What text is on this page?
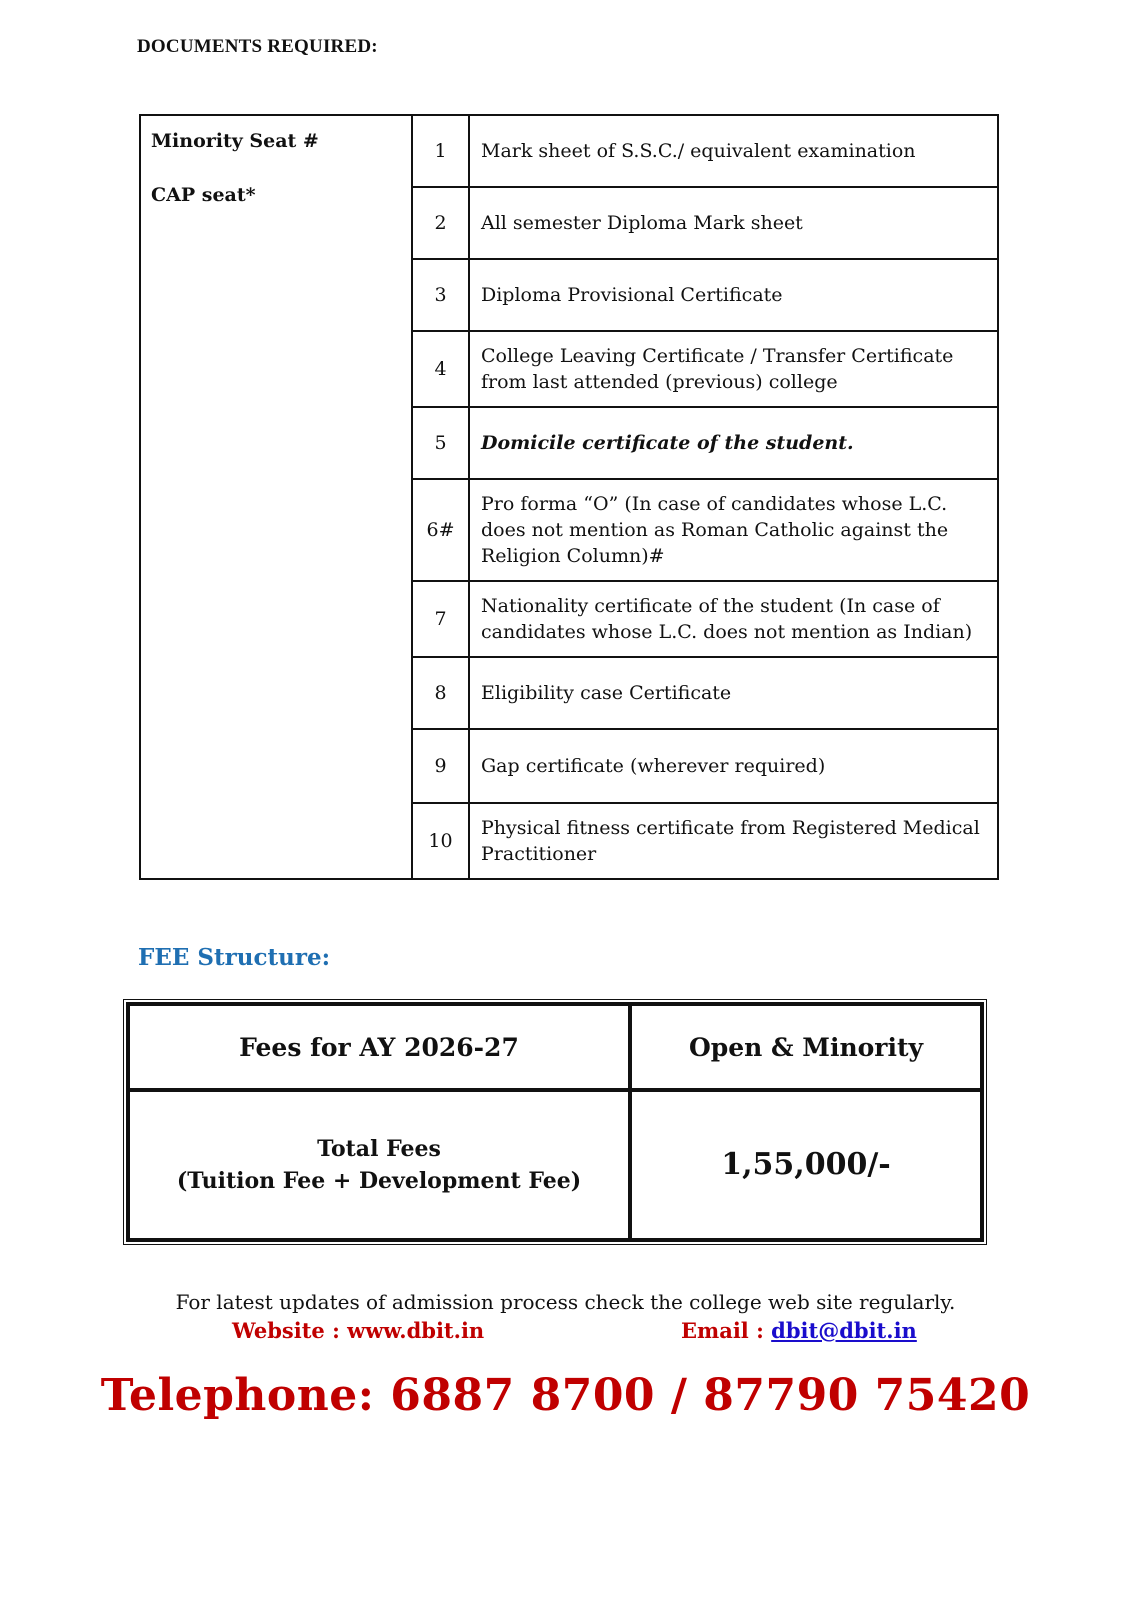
DOCUMENTS REQUIRED:
Minority Seat #
CAP seat*	1	Mark sheet of S.S.C./ equivalent examination
	2	All semester Diploma Mark sheet
	3	Diploma Provisional Certificate
	4	College Leaving Certificate / Transfer Certificate from last attended (previous) college
	5	Domicile certificate of the student.
	6#	Pro forma “O” (In case of candidates whose L.C. does not mention as Roman Catholic against the Religion Column)#
	7	Nationality certificate of the student (In case of candidates whose L.C. does not mention as Indian)
	8	Eligibility case Certificate
	9	Gap certificate (wherever required)
	10	Physical fitness certificate from Registered Medical Practitioner
FEE Structure:
Fees for AY 2026-27	Open & Minority

Total Fees
(Tuition Fee + Development Fee)	1,55,000/-
For latest updates of admission process check the college web site regularly.
Website : www.dbit.in	Email : dbit@dbit.in
Telephone: 6887 8700 / 87790 75420
